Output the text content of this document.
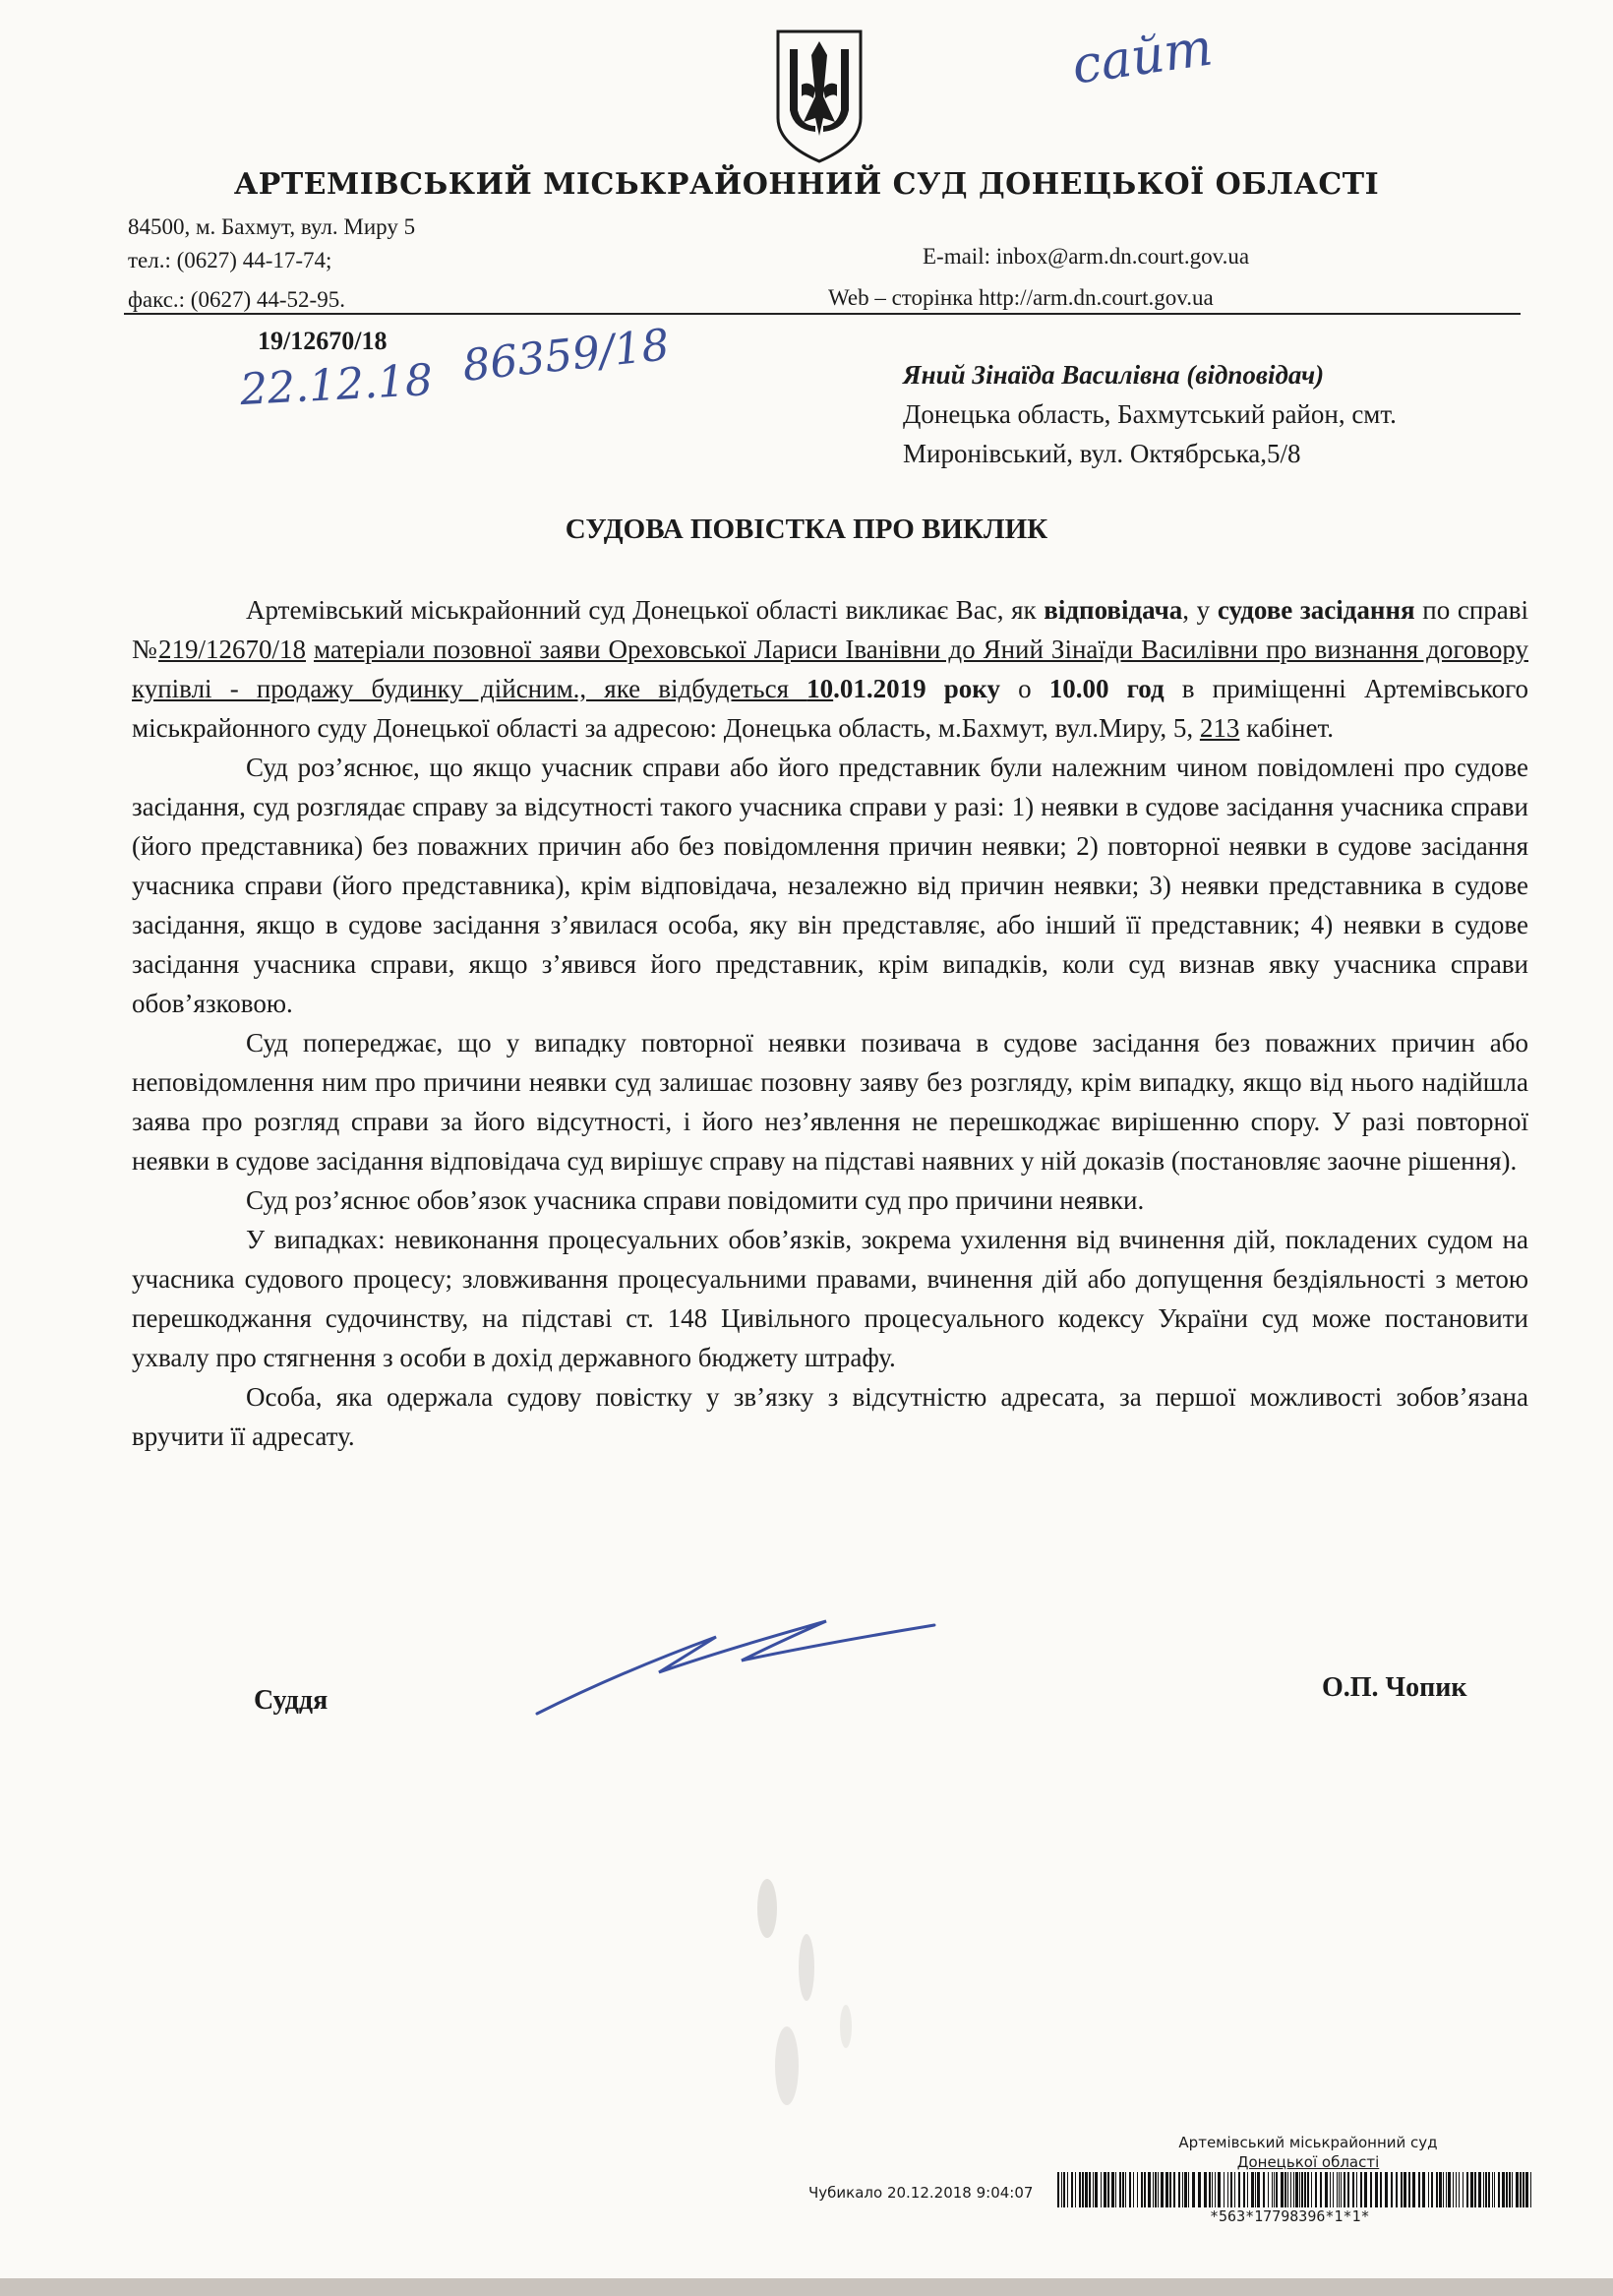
сайт
АРТЕМІВСЬКИЙ МІСЬКРАЙОННИЙ СУД ДОНЕЦЬКОЇ ОБЛАСТІ
84500, м. Бахмут, вул. Миру 5
тел.: (0627) 44-17-74;
факс.: (0627) 44-52-95.
E-mail: inbox@arm.dn.court.gov.ua
Web – сторінка http://arm.dn.court.gov.ua
19/12670/18
22.12.18 86359/18	Яний Зінаїда Василівна (відповідач)
Донецька область, Бахмутський район, смт.
Миронівський, вул. Октябрська,5/8
СУДОВА ПОВІСТКА ПРО ВИКЛИК

Артемівський міськрайонний суд Донецької області викликає Вас, як відповідача, у судове засідання по справі №219/12670/18 матеріали позовної заяви Ореховської Лариси Іванівни до Яний Зінаїди Василівни про визнання договору купівлі - продажу будинку дійсним., яке відбудеться 10.01.2019 року о 10.00 год в приміщенні Артемівського міськрайонного суду Донецької області за адресою: Донецька область, м.Бахмут, вул.Миру, 5, 213 кабінет.

Суд роз’яснює, що якщо учасник справи або його представник були належним чином повідомлені про судове засідання, суд розглядає справу за відсутності такого учасника справи у разі: 1) неявки в судове засідання учасника справи (його представника) без поважних причин або без повідомлення причин неявки; 2) повторної неявки в судове засідання учасника справи (його представника), крім відповідача, незалежно від причин неявки; 3) неявки представника в судове засідання, якщо в судове засідання з’явилася особа, яку він представляє, або інший її представник; 4) неявки в судове засідання учасника справи, якщо з’явився його представник, крім випадків, коли суд визнав явку учасника справи обов’язковою.

Суд попереджає, що у випадку повторної неявки позивача в судове засідання без поважних причин або неповідомлення ним про причини неявки суд залишає позовну заяву без розгляду, крім випадку, якщо від нього надійшла заява про розгляд справи за його відсутності, і його нез’явлення не перешкоджає вирішенню спору. У разі повторної неявки в судове засідання відповідача суд вирішує справу на підставі наявних у ній доказів (постановляє заочне рішення).

Суд роз’яснює обов’язок учасника справи повідомити суд про причини неявки.

У випадках: невиконання процесуальних обов’язків, зокрема ухилення від вчинення дій, покладених судом на учасника судового процесу; зловживання процесуальними правами, вчинення дій або допущення бездіяльності з метою перешкоджання судочинству, на підставі ст. 148 Цивільного процесуального кодексу України суд може постановити ухвалу про стягнення з особи в дохід державного бюджету штрафу.

Особа, яка одержала судову повістку у зв’язку з відсутністю адресата, за першої можливості зобов’язана вручити її адресату.

Суддя	О.П. Чопик
Артемівський міськрайонний суд
Донецької області
Чубикало 20.12.2018 9:04:07
*563*17798396*1*1*
